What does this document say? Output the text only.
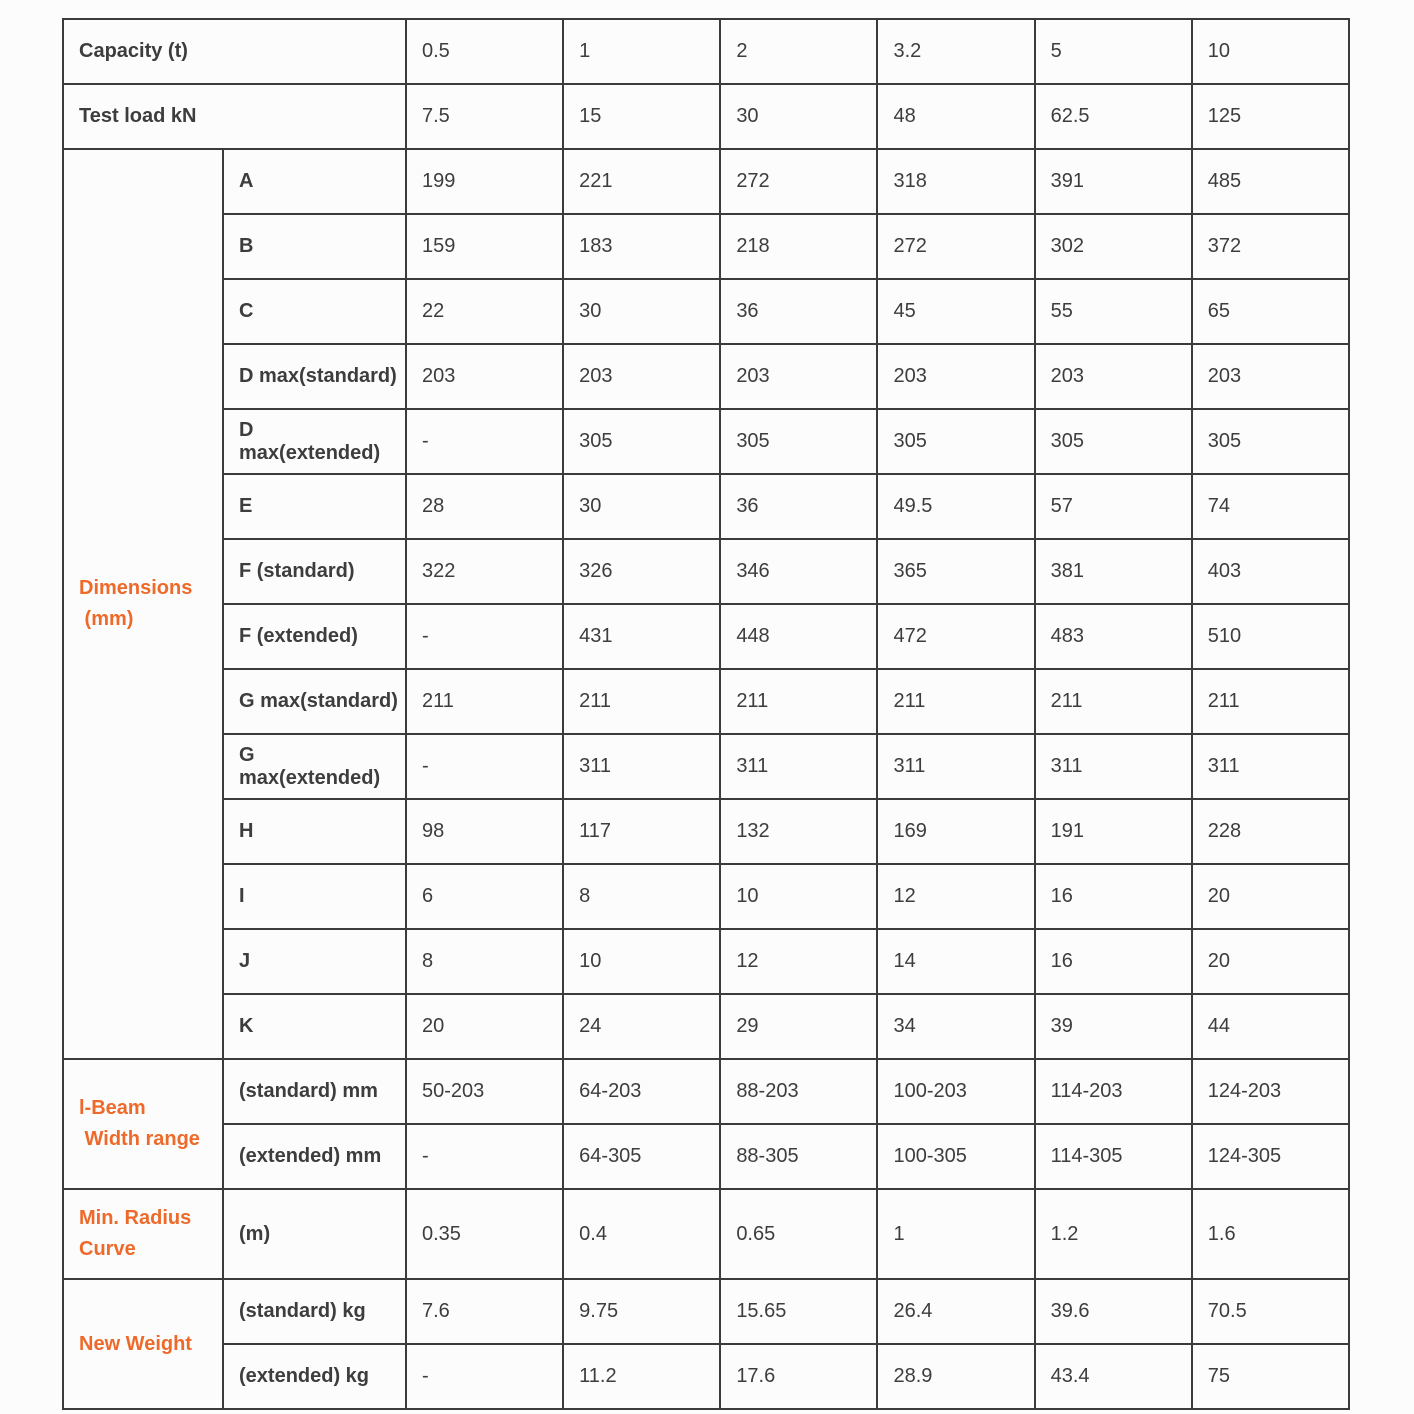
Capacity (t)		0.5	1	2	3.2	5	10
Test load kN		7.5	15	30	48	62.5	125

Dimensions
(mm)	A	199	221	272	318	391	485
	B	159	183	218	272	302	372
	C	22	30	36	45	55	65
	D max(standard)	203	203	203	203	203	203
	D max(extended)	-	305	305	305	305	305
	E	28	30	36	49.5	57	74
	F (standard)	322	326	346	365	381	403
	F (extended)	-	431	448	472	483	510
	G max(standard)	211	211	211	211	211	211
	G max(extended)	-	311	311	311	311	311
	H	98	117	132	169	191	228
	I	6	8	10	12	16	20
	J	8	10	12	14	16	20
	K	20	24	29	34	39	44

l-Beam
Width range	(standard) mm	50-203	64-203	88-203	100-203	114-203	124-203
	(extended) mm	-	64-305	88-305	100-305	114-305	124-305

Min. Radius
Curve	(m)	0.35	0.4	0.65	1	1.2	1.6

New Weight	(standard) kg	7.6	9.75	15.65	26.4	39.6	70.5
	(extended) kg	-	11.2	17.6	28.9	43.4	75
